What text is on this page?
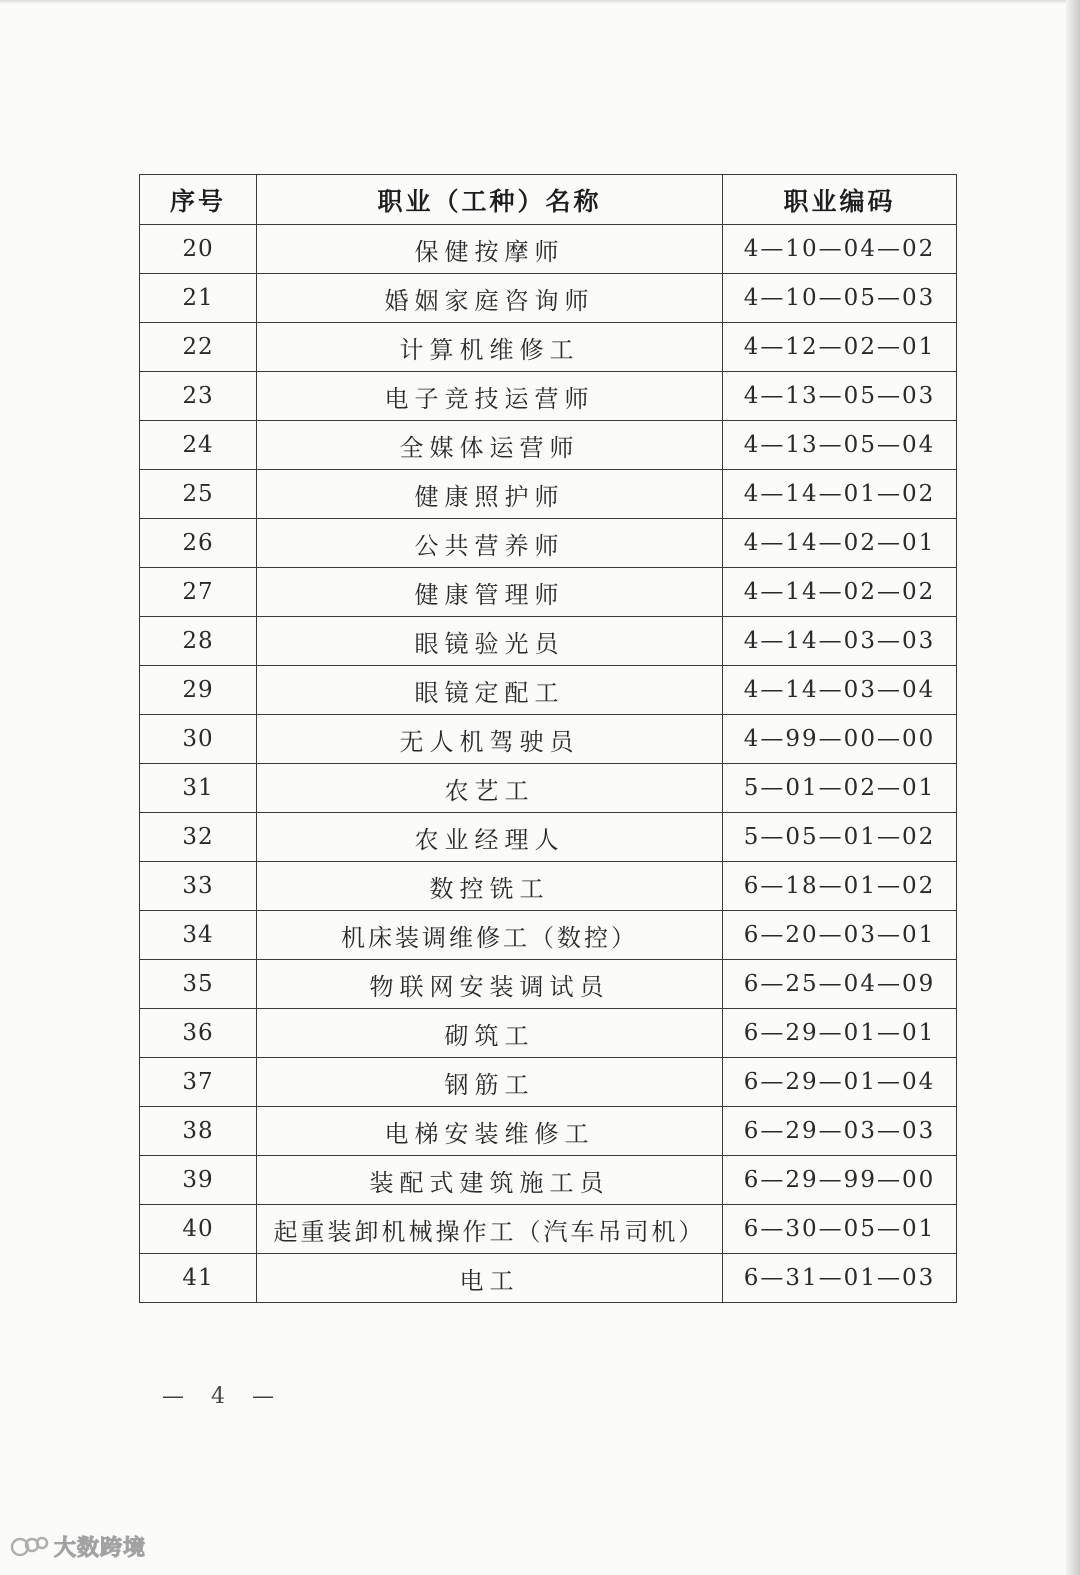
序号	职业（工种）名称	职业编码
20	保健按摩师	4—10—04—02
21	婚姻家庭咨询师	4—10—05—03
22	计算机维修工	4—12—02—01
23	电子竞技运营师	4—13—05—03
24	全媒体运营师	4—13—05—04
25	健康照护师	4—14—01—02
26	公共营养师	4—14—02—01
27	健康管理师	4—14—02—02
28	眼镜验光员	4—14—03—03
29	眼镜定配工	4—14—03—04
30	无人机驾驶员	4—99—00—00
31	农艺工	5—01—02—01
32	农业经理人	5—05—01—02
33	数控铣工	6—18—01—02
34	机床装调维修工（数控）	6—20—03—01
35	物联网安装调试员	6—25—04—09
36	砌筑工	6—29—01—01
37	钢筋工	6—29—01—04
38	电梯安装维修工	6—29—03—03
39	装配式建筑施工员	6—29—99—00
40	起重装卸机械操作工（汽车吊司机）	6—30—05—01
41	电工	6—31—01—03
— 4 —
大数跨境
